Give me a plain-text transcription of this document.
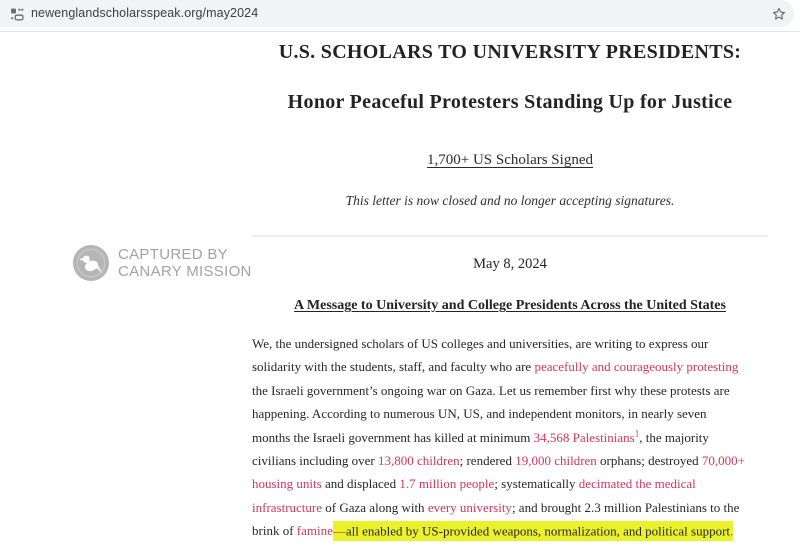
newenglandscholarsspeak.org/may2024
CAPTURED BY
CANARY MISSION
U.S. SCHOLARS TO UNIVERSITY PRESIDENTS:
Honor Peaceful Protesters Standing Up for Justice
1,700+ US Scholars Signed
This letter is now closed and no longer accepting signatures.
May 8, 2024
A Message to University and College Presidents Across the United States
We, the undersigned scholars of US colleges and universities, are writing to express our
solidarity with the students, staff, and faculty who are peacefully and courageously protesting
the Israeli government’s ongoing war on Gaza. Let us remember first why these protests are
happening. According to numerous UN, US, and independent monitors, in nearly seven
months the Israeli government has killed at minimum 34,568 Palestinians$^1$, the majority
civilians including over 13,800 children; rendered 19,000 children orphans; destroyed 70,000+
housing units and displaced 1.7 million people; systematically decimated the medical
infrastructure of Gaza along with every university; and brought 2.3 million Palestinians to the
brink of famine—all enabled by US-provided weapons, normalization, and political support.
